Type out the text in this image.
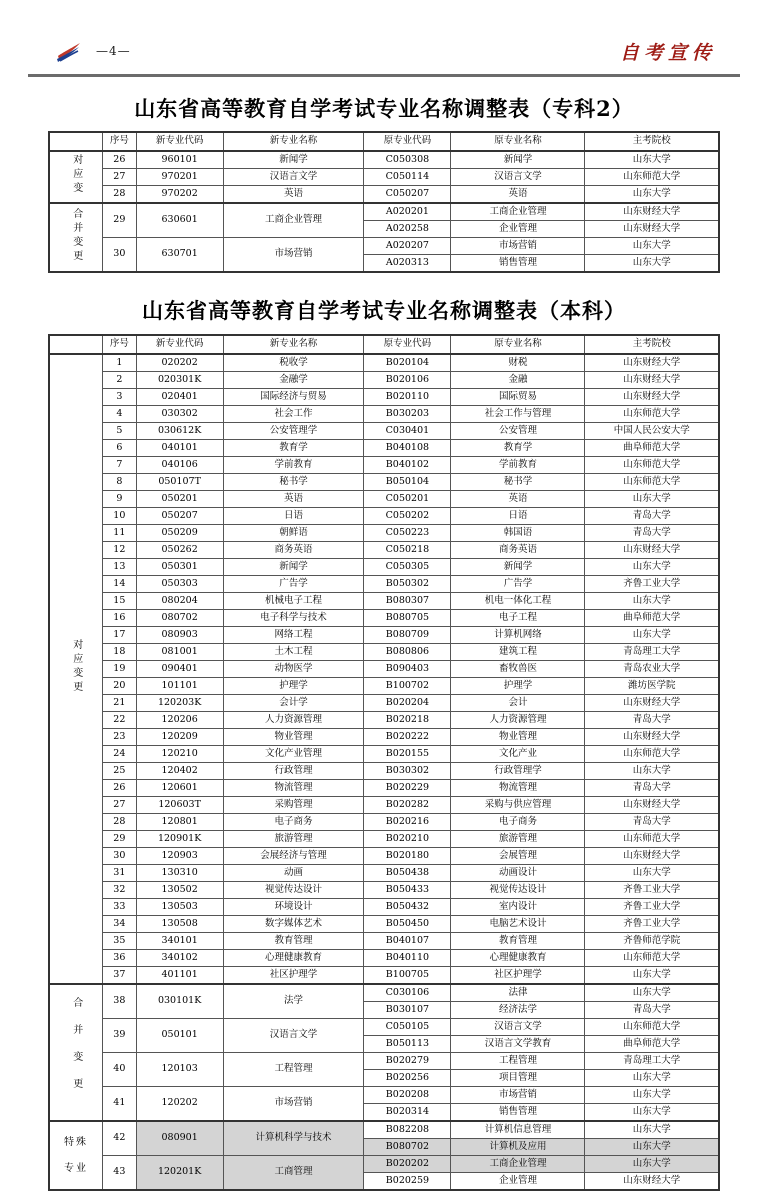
—4—	自考宣传
山东省高等教育自学考试专业名称调整表（专科2）
	序号	新专业代码	新专业名称	原专业代码	原专业名称	主考院校
对应变	26	960101	新闻学	C050308	新闻学	山东大学
	27	970201	汉语言文学	C050114	汉语言文学	山东师范大学
	28	970202	英语	C050207	英语	山东大学
合并变更	29	630601	工商企业管理	A020201	工商企业管理	山东财经大学
				A020258	企业管理	山东财经大学
	30	630701	市场营销	A020207	市场营销	山东大学
				A020313	销售管理	山东大学
山东省高等教育自学考试专业名称调整表（本科）
	序号	新专业代码	新专业名称	原专业代码	原专业名称	主考院校
对应变更	1	020202	税收学	B020104	财税	山东财经大学
	2	020301K	金融学	B020106	金融	山东财经大学
	3	020401	国际经济与贸易	B020110	国际贸易	山东财经大学
	4	030302	社会工作	B030203	社会工作与管理	山东师范大学
	5	030612K	公安管理学	C030401	公安管理	中国人民公安大学
	6	040101	教育学	B040108	教育学	曲阜师范大学
	7	040106	学前教育	B040102	学前教育	山东师范大学
	8	050107T	秘书学	B050104	秘书学	山东师范大学
	9	050201	英语	C050201	英语	山东大学
	10	050207	日语	C050202	日语	青岛大学
	11	050209	朝鲜语	C050223	韩国语	青岛大学
	12	050262	商务英语	C050218	商务英语	山东财经大学
	13	050301	新闻学	C050305	新闻学	山东大学
	14	050303	广告学	B050302	广告学	齐鲁工业大学
	15	080204	机械电子工程	B080307	机电一体化工程	山东大学
	16	080702	电子科学与技术	B080705	电子工程	曲阜师范大学
	17	080903	网络工程	B080709	计算机网络	山东大学
	18	081001	土木工程	B080806	建筑工程	青岛理工大学
	19	090401	动物医学	B090403	畜牧兽医	青岛农业大学
	20	101101	护理学	B100702	护理学	潍坊医学院
	21	120203K	会计学	B020204	会计	山东财经大学
	22	120206	人力资源管理	B020218	人力资源管理	青岛大学
	23	120209	物业管理	B020222	物业管理	山东财经大学
	24	120210	文化产业管理	B020155	文化产业	山东师范大学
	25	120402	行政管理	B030302	行政管理学	山东大学
	26	120601	物流管理	B020229	物流管理	青岛大学
	27	120603T	采购管理	B020282	采购与供应管理	山东财经大学
	28	120801	电子商务	B020216	电子商务	青岛大学
	29	120901K	旅游管理	B020210	旅游管理	山东师范大学
	30	120903	会展经济与管理	B020180	会展管理	山东财经大学
	31	130310	动画	B050438	动画设计	山东大学
	32	130502	视觉传达设计	B050433	视觉传达设计	齐鲁工业大学
	33	130503	环境设计	B050432	室内设计	齐鲁工业大学
	34	130508	数字媒体艺术	B050450	电脑艺术设计	齐鲁工业大学
	35	340101	教育管理	B040107	教育管理	齐鲁师范学院
	36	340102	心理健康教育	B040110	心理健康教育	山东师范大学
	37	401101	社区护理学	B100705	社区护理学	山东大学
合并变更	38	030101K	法学	C030106	法律	山东大学
				B030107	经济法学	青岛大学
	39	050101	汉语言文学	C050105	汉语言文学	山东师范大学
				B050113	汉语言文学教育	曲阜师范大学
	40	120103	工程管理	B020279	工程管理	青岛理工大学
				B020256	项目管理	山东大学
	41	120202	市场营销	B020208	市场营销	山东大学
				B020314	销售管理	山东大学

特殊
专业	42	080901	计算机科学与技术	B082208	计算机信息管理	山东大学
				B080702	计算机及应用	山东大学
	43	120201K	工商管理	B020202	工商企业管理	山东大学
				B020259	企业管理	山东财经大学
